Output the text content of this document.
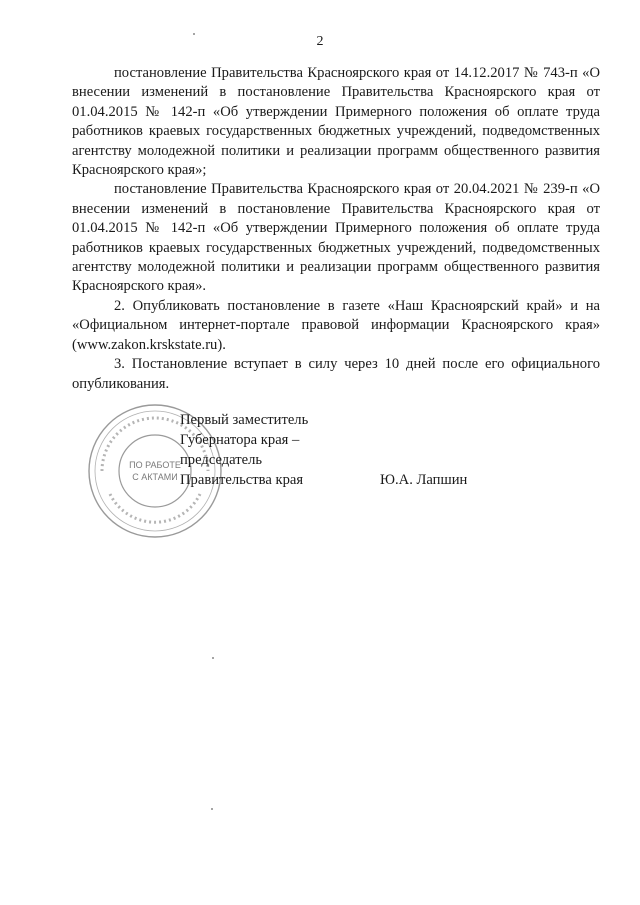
2

постановление Правительства Красноярского края от 14.12.2017 № 743-п «О внесении изменений в постановление Правительства Красноярского края от 01.04.2015 № 142-п «Об утверждении Примерного положения об оплате труда работников краевых государственных бюджетных учреждений, подведомственных агентству молодежной политики и реализации программ общественного развития Красноярского края»;

постановление Правительства Красноярского края от 20.04.2021 № 239-п «О внесении изменений в постановление Правительства Красноярского края от 01.04.2015 № 142-п «Об утверждении Примерного положения об оплате труда работников краевых государственных бюджетных учреждений, подведомственных агентству молодежной политики и реализации программ общественного развития Красноярского края».

2. Опубликовать постановление в газете «Наш Красноярский край» и на «Официальном интернет-портале правовой информации Красноярского края» (www.zakon.krskstate.ru).

3. Постановление вступает в силу через 10 дней после его официального опубликования.

ПО РАБОТЕ
С АКТАМИ
Первый заместитель
Губернатора края –
председатель
Правительства края	Ю.А. Лапшин
